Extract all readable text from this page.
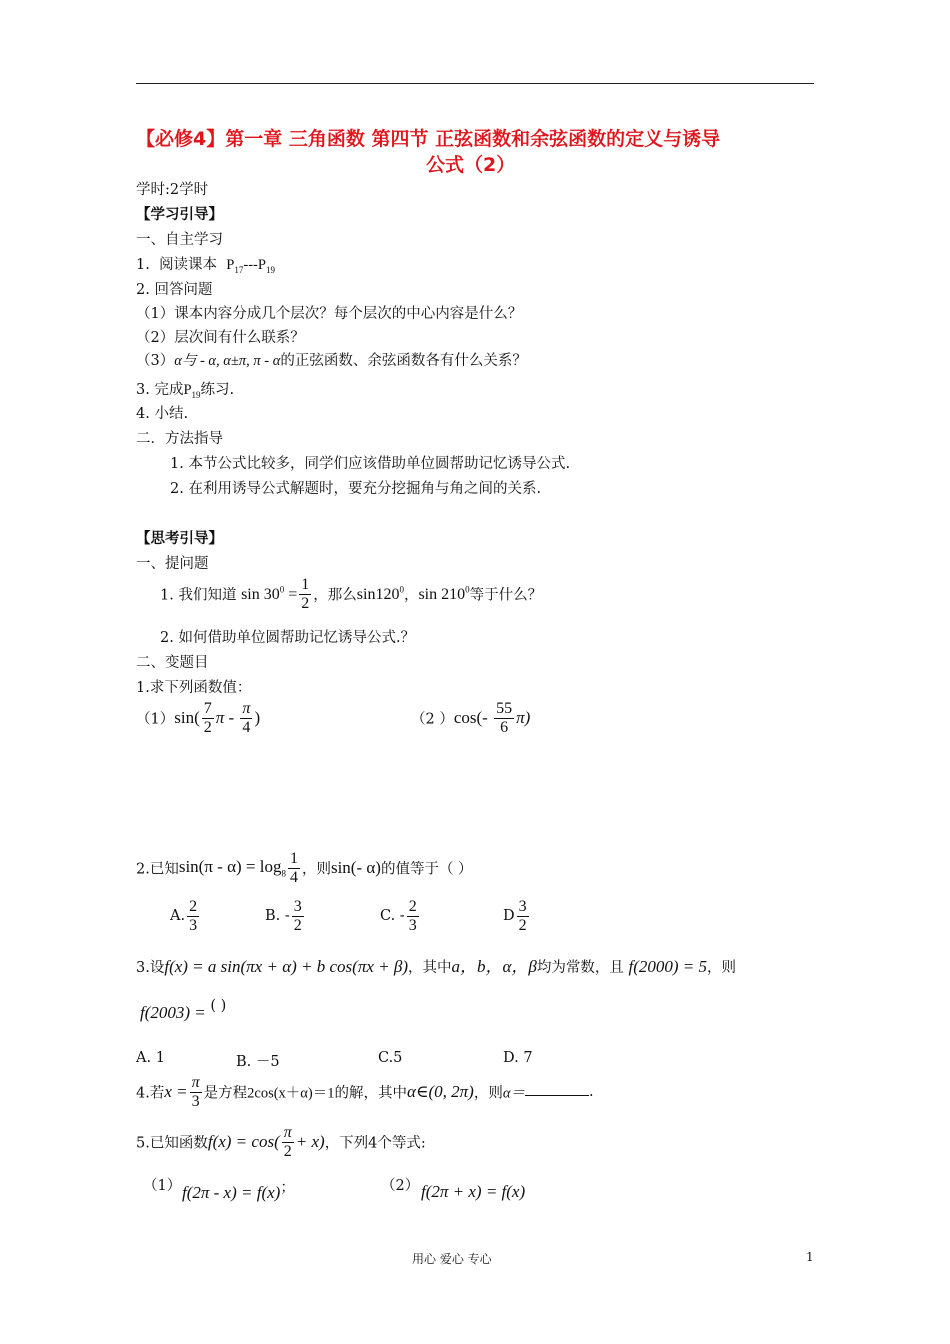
【必修4】第一章 三角函数 第四节 正弦函数和余弦函数的定义与诱导
公式（2）
学时:2学时
【学习引导】
一、自主学习
1. 阅读课本 $P_{17}---P_{19}$
2. 回答问题
（1）课本内容分成几个层次？每个层次的中心内容是什么？
（2）层次间有什么联系？
（3）α与 - α, α±π, π - α的正弦函数、余弦函数各有什么关系？
3. 完成$P_{19}$练习.
4. 小结.
二．方法指导
1. 本节公式比较多，同学们应该借助单位圆帮助记忆诱导公式.
2. 在利用诱导公式解题时，要充分挖掘角与角之间的关系.
【思考引导】
一、提问题
1. 我们知道 $\sin 30^0 = \frac{1}{2}$ ，那么$\sin 120^0$，$\sin 210^0$等于什么？
2. 如何借助单位圆帮助记忆诱导公式.？
二、变题目
1.求下列函数值：
$(1)\sin( \frac{7}{2}$ π - $\frac{\pi}{4}$ )	（2 ）$\cos(- \frac{55}{6} \pi)$
2.已知$\sin(\pi - \alpha) = \log_8 \frac{1}{4}$ ，则sin(- α)的值等于（ ）
A. $\frac{2}{3}$	B. - $\frac{3}{2}$	C. - $\frac{2}{3}$	D $\frac{3}{2}$
3.设f(x) = a sin(πx + α) + b cos(πx + β)，其中a，b，α，β均为常数，且 f(2000) = 5，则
f(2003) = ( )
A. 1	B. －5	C.5	D. 7
4.若$x = \frac{\pi}{3}$ 是方程2cos(x＋α)＝1的解，其中α∈(0, 2π)，则α＝	.
5.已知函数$f(x) = \cos( \frac{\pi}{2} + x)$，下列4个等式:
（1） f(2π - x) = f(x)；	（2） f(2π + x) = f(x)
用心 爱心 专心	1
